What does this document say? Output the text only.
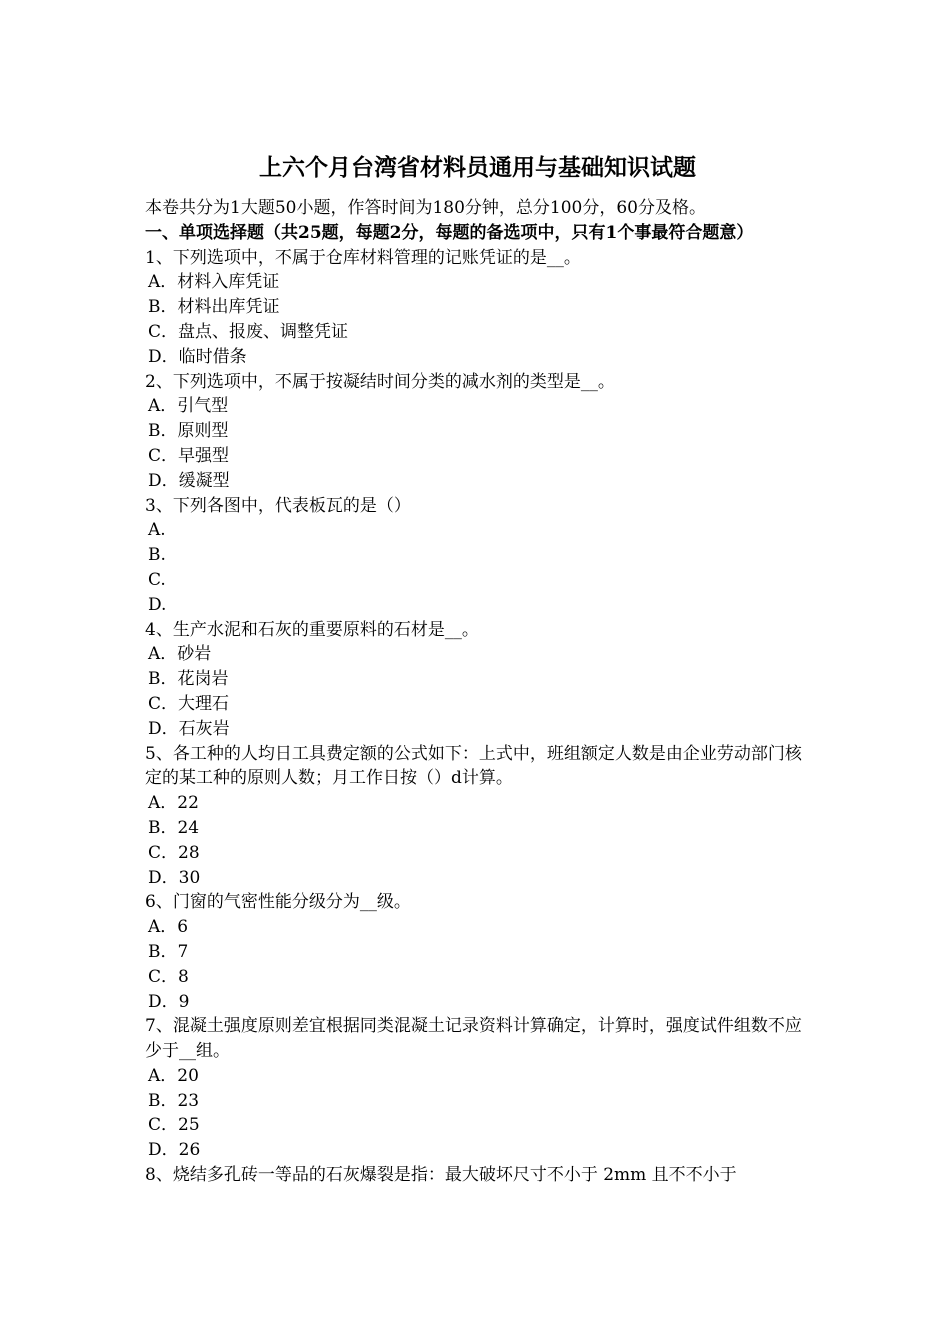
上六个月台湾省材料员通用与基础知识试题
本卷共分为1大题50小题，作答时间为180分钟，总分100分，60分及格。
一、单项选择题（共25题，每题2分，每题的备选项中，只有1个事最符合题意）
1、下列选项中，不属于仓库材料管理的记账凭证的是__。
A．材料入库凭证
B．材料出库凭证
C．盘点、报废、调整凭证
D．临时借条
2、下列选项中，不属于按凝结时间分类的减水剂的类型是__。
A．引气型
B．原则型
C．早强型
D．缓凝型
3、下列各图中，代表板瓦的是（）
A.
B.
C.
D.
4、生产水泥和石灰的重要原料的石材是__。
A．砂岩
B．花岗岩
C．大理石
D．石灰岩
5、各工种的人均日工具费定额的公式如下：上式中，班组额定人数是由企业劳动部门核定的某工种的原则人数；月工作日按（）d计算。
A．22
B．24
C．28
D．30
6、门窗的气密性能分级分为__级。
A．6
B．7
C．8
D．9
7、混凝土强度原则差宜根据同类混凝土记录资料计算确定，计算时，强度试件组数不应少于__组。
A．20
B．23
C．25
D．26
8、烧结多孔砖一等品的石灰爆裂是指：最大破坏尺寸不小于 2mm 且不不小于
